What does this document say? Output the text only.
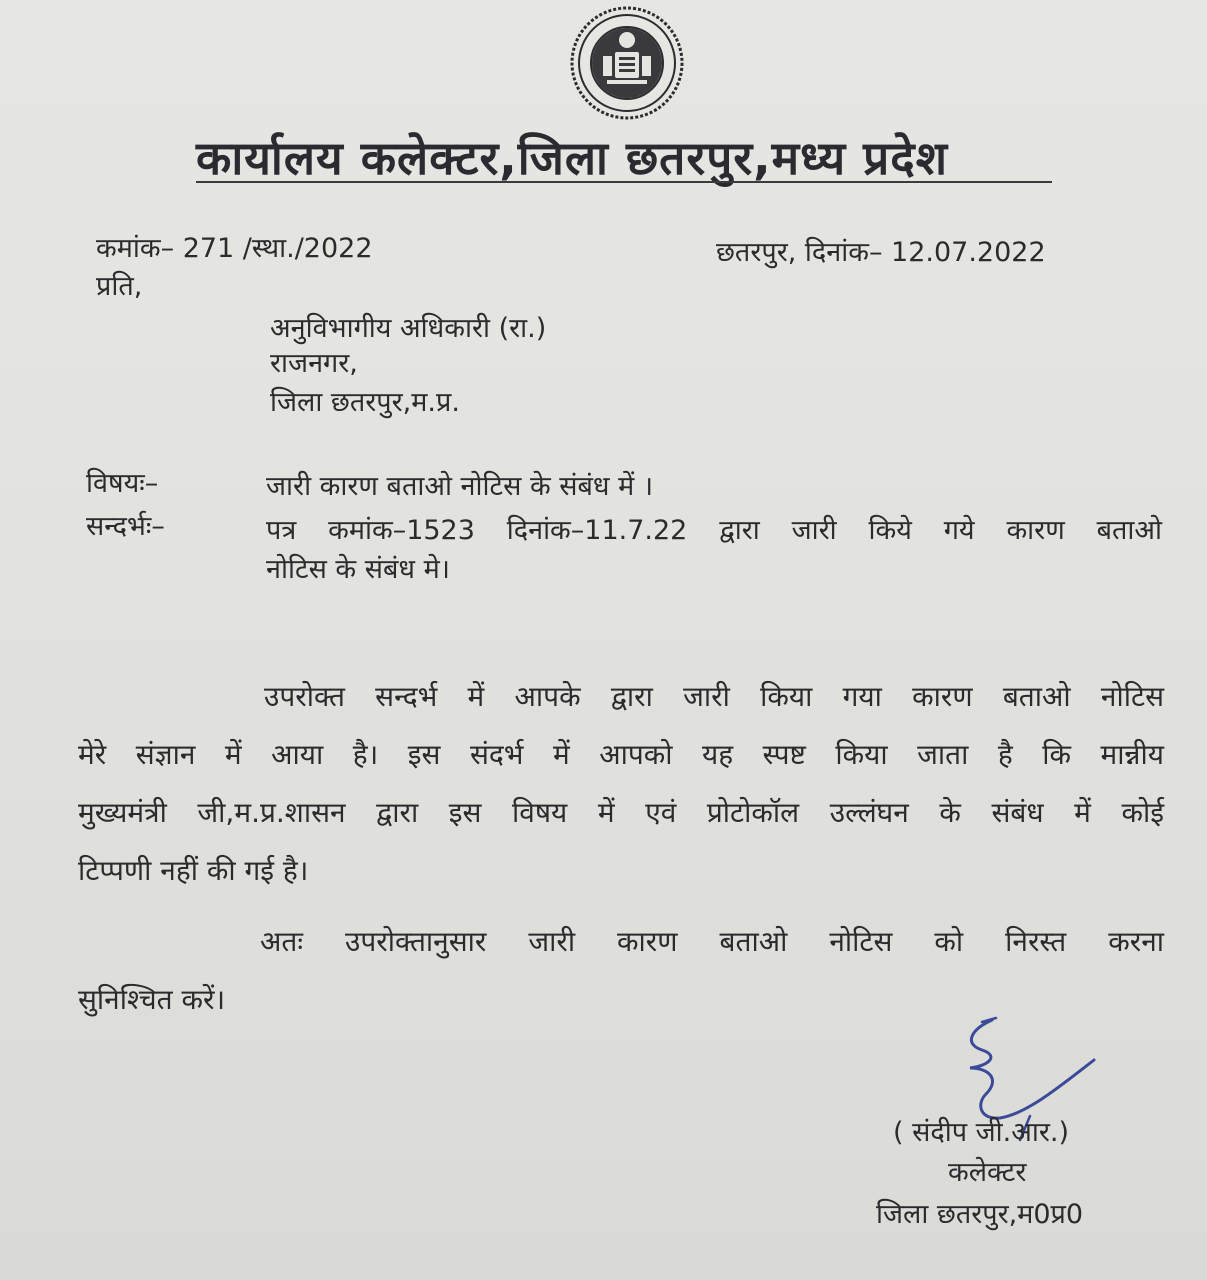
कार्यालय कलेक्टर,जिला छतरपुर,मध्य प्रदेश
कमांक– 271 /स्था./2022	छतरपुर, दिनांक– 12.07.2022
प्रति,
अनुविभागीय अधिकारी (रा.)
राजनगर,
जिला छतरपुर,म.प्र.
विषयः–	जारी कारण बताओ नोटिस के संबंध में ।
सन्दर्भः–	पत्र कमांक–1523 दिनांक–11.7.22 द्वारा जारी किये गये कारण बताओ
नोटिस के संबंध मे।
उपरोक्त सन्दर्भ में आपके द्वारा जारी किया गया कारण बताओ नोटिस
मेरे संज्ञान में आया है। इस संदर्भ में आपको यह स्पष्ट किया जाता है कि मान्नीय
मुख्यमंत्री जी,म.प्र.शासन द्वारा इस विषय में एवं प्रोटोकॉल उल्लंघन के संबंध में कोई
टिप्पणी नहीं की गई है।
अतः उपरोक्तानुसार जारी कारण बताओ नोटिस को निरस्त करना
सुनिश्चित करें।
( संदीप जी.आर.)
कलेक्टर
जिला छतरपुर,म0प्र0
